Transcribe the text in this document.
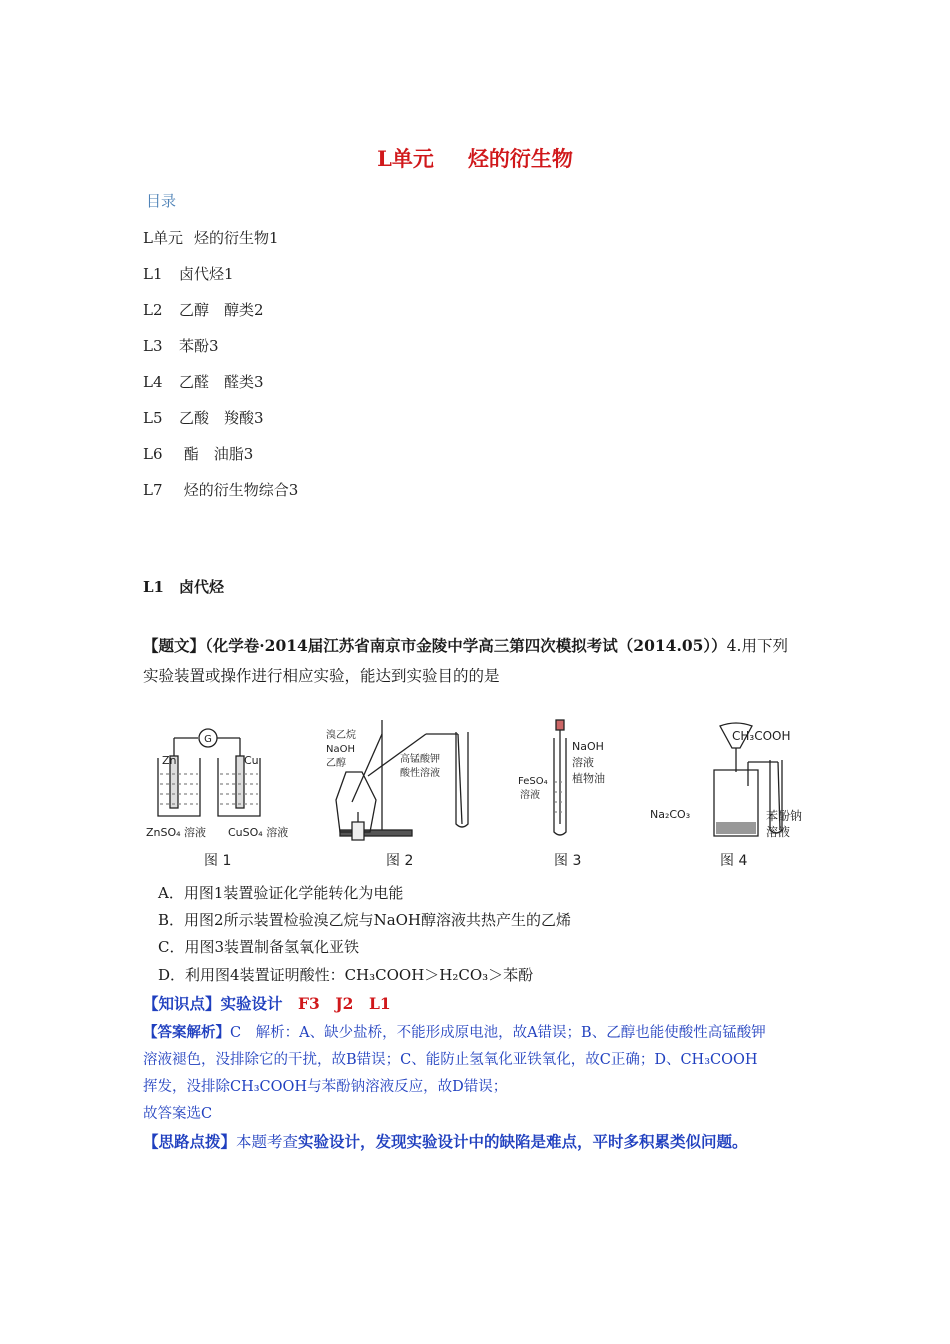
L单元 烃的衍生物
目录
L单元　 烃的衍生物1
L1 卤代烃1
L2 乙醇　醇类2
L3 苯酚3
L4 乙醛　醛类3
L5 乙酸　羧酸3
L6 酯　油脂3
L7 烃的衍生物综合3
L1　 卤代烃
【题文】（化学卷·2014届江苏省南京市金陵中学高三第四次模拟考试（2014.05））4.用下列
实验装置或操作进行相应实验，能达到实验目的的是
G
Zn	Cu
ZnSO₄ 溶液 CuSO₄ 溶液
溴乙烷
NaOH
乙醇	高锰酸钾
酸性溶液
NaOH
溶液
植物油
FeSO₄
溶液
CH₃COOH
Na₂CO₃	苯酚钠
溶液
图 1	图 2	图 3	图 4
A．用图1装置验证化学能转化为电能
B．用图2所示装置检验溴乙烷与NaOH醇溶液共热产生的乙烯
C．用图3装置制备氢氧化亚铁
D．利用图4装置证明酸性：CH₃COOH＞H₂CO₃＞苯酚
【知识点】实验设计　 F3　J2　L1
【答案解析】C　解析：A、缺少盐桥，不能形成原电池，故A错误；B、乙醇也能使酸性高锰酸钾
溶液褪色，没排除它的干扰，故B错误；C、能防止氢氧化亚铁氧化，故C正确；D、CH₃COOH
挥发，没排除CH₃COOH与苯酚钠溶液反应，故D错误；
故答案选C
【思路点拨】本题考查实验设计，发现实验设计中的缺陷是难点，平时多积累类似问题。
